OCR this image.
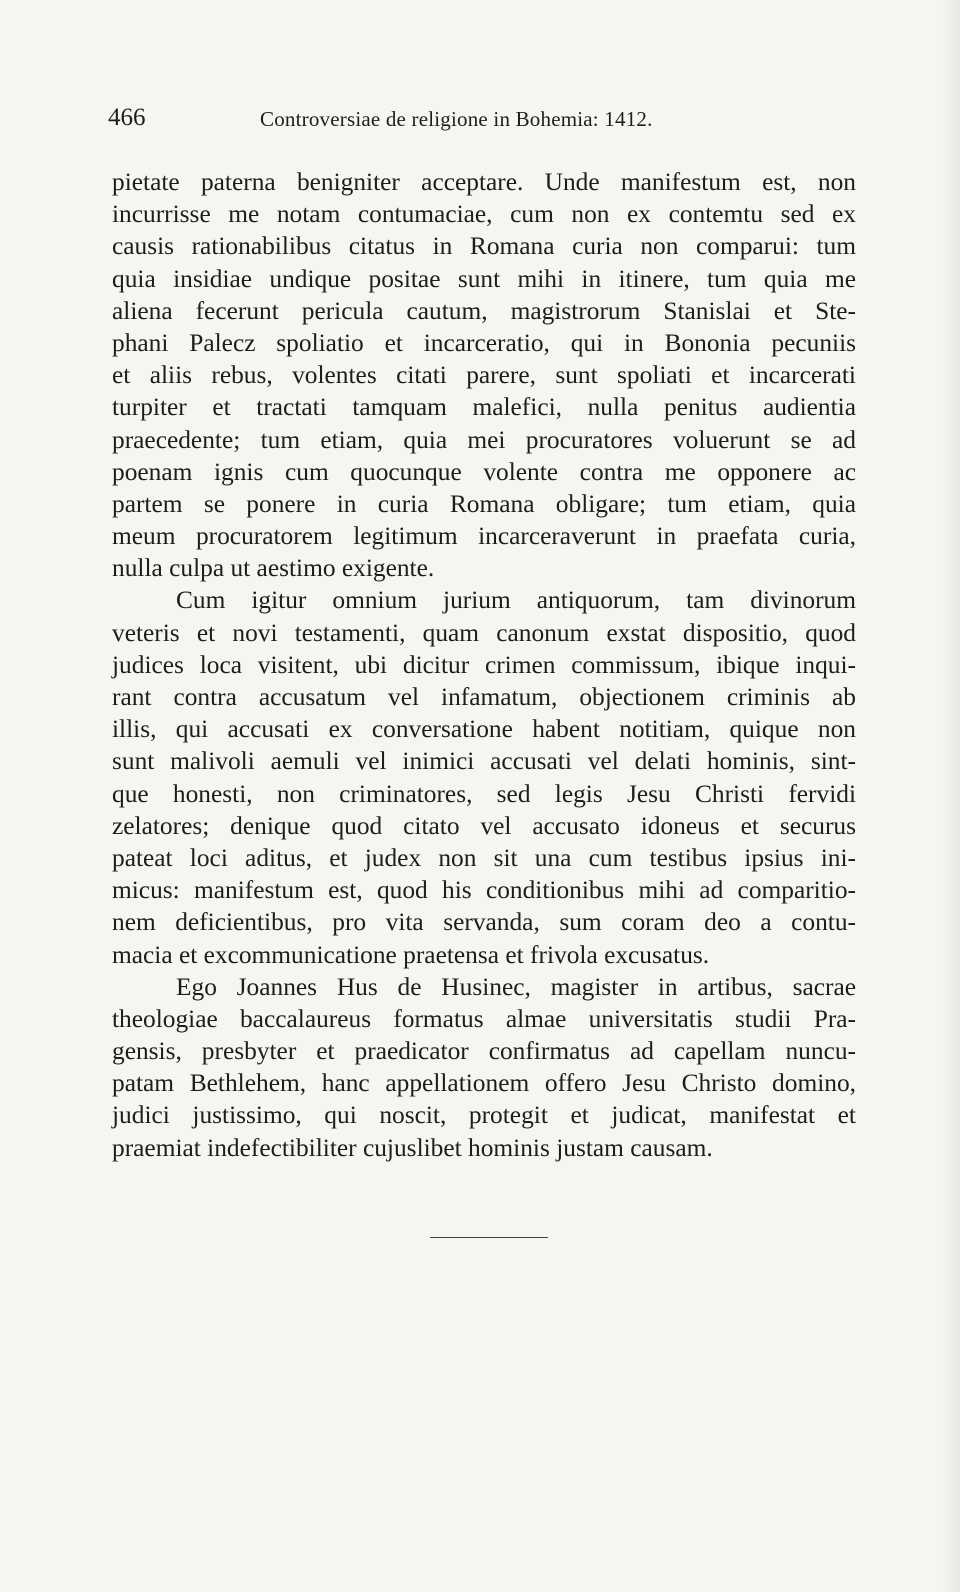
466	Controversiae de religione in Bohemia: 1412.
pietate paterna benigniter acceptare. Unde manifestum est, non
incurrisse me notam contumaciae, cum non ex contemtu sed ex
causis rationabilibus citatus in Romana curia non comparui: tum
quia insidiae undique positae sunt mihi in itinere, tum quia me
aliena fecerunt pericula cautum, magistrorum Stanislai et Ste-
phani Palecz spoliatio et incarceratio, qui in Bononia pecuniis
et aliis rebus, volentes citati parere, sunt spoliati et incarcerati
turpiter et tractati tamquam malefici, nulla penitus audientia
praecedente; tum etiam, quia mei procuratores voluerunt se ad
poenam ignis cum quocunque volente contra me opponere ac
partem se ponere in curia Romana obligare; tum etiam, quia
meum procuratorem legitimum incarceraverunt in praefata curia,
nulla culpa ut aestimo exigente.
Cum igitur omnium jurium antiquorum, tam divinorum
veteris et novi testamenti, quam canonum exstat dispositio, quod
judices loca visitent, ubi dicitur crimen commissum, ibique inqui-
rant contra accusatum vel infamatum, objectionem criminis ab
illis, qui accusati ex conversatione habent notitiam, quique non
sunt malivoli aemuli vel inimici accusati vel delati hominis, sint-
que honesti, non criminatores, sed legis Jesu Christi fervidi
zelatores; denique quod citato vel accusato idoneus et securus
pateat loci aditus, et judex non sit una cum testibus ipsius ini-
micus: manifestum est, quod his conditionibus mihi ad comparitio-
nem deficientibus, pro vita servanda, sum coram deo a contu-
macia et excommunicatione praetensa et frivola excusatus.
Ego Joannes Hus de Husinec, magister in artibus, sacrae
theologiae baccalaureus formatus almae universitatis studii Pra-
gensis, presbyter et praedicator confirmatus ad capellam nuncu-
patam Bethlehem, hanc appellationem offero Jesu Christo domino,
judici justissimo, qui noscit, protegit et judicat, manifestat et
praemiat indefectibiliter cujuslibet hominis justam causam.
